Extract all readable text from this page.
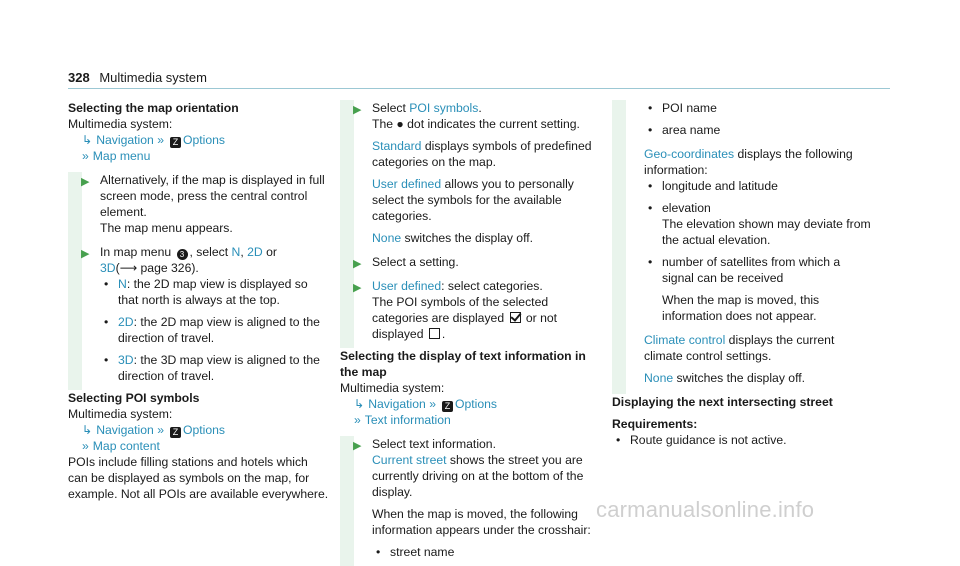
328 Multimedia system
Selecting the map orientation
Multimedia system:
↳ Navigation » Z Options
» Map menu
▶ Alternatively, if the map is displayed in full screen mode, press the central control element.
The map menu appears.
▶ In map menu 3 , select N, 2D or
3D(⟶ page 326).
• N: the 2D map view is displayed so that north is always at the top.
• 2D: the 2D map view is aligned to the direction of travel.
• 3D: the 3D map view is aligned to the direction of travel.
Selecting POI symbols
Multimedia system:
↳ Navigation » Z Options
» Map content
POIs include filling stations and hotels which can be displayed as symbols on the map, for example. Not all POIs are available everywhere.
▶ Select POI symbols.
The ● dot indicates the current setting.
Standard displays symbols of predefined categories on the map.
User defined allows you to personally select the symbols for the available categories.
None switches the display off.
▶ Select a setting.
▶ User defined: select categories.
The POI symbols of the selected categories are displayed or not displayed .
Selecting the display of text information in the map
Multimedia system:
↳ Navigation » Z Options
» Text information
▶ Select text information.
Current street shows the street you are currently driving on at the bottom of the display.
When the map is moved, the following information appears under the crosshair:
• street name
• POI name
• area name
Geo-coordinates displays the following information:
• longitude and latitude
• elevation
The elevation shown may deviate from the actual elevation.
• number of satellites from which a signal can be received
When the map is moved, this information does not appear.
Climate control displays the current climate control settings.
None switches the display off.
Displaying the next intersecting street
Requirements:
• Route guidance is not active.
carmanualsonline.info
